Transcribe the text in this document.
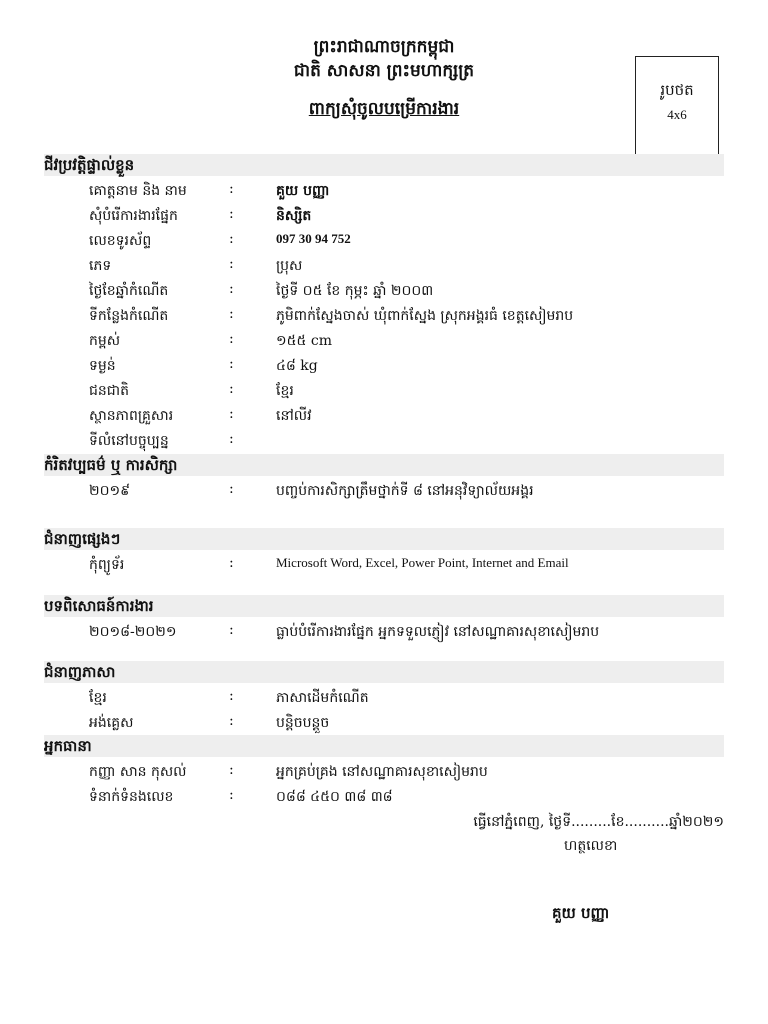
ព្រះរាជាណាចក្រកម្ពុជា
ជាតិ សាសនា ព្រះមហាក្សត្រ
ពាក្យសុំចូលបម្រើការងារ
រូបថត
4x6
ជីវប្រវត្តិផ្ទាល់ខ្លួន
គោត្តនាម និង នាម	:	គួយ បញ្ញា
សុំបំរើការងារផ្នែក	:	និស្សិត
លេខទូរស័ព្ទ	:	097 30 94 752
ភេទ	:	ប្រុស
ថ្ងៃខែឆ្នាំកំណើត	:	ថ្ងៃទី ០៥ ខែ កុម្ភះ ឆ្នាំ ២០០៣
ទីកន្លែងកំណើត	:	ភូមិពាក់ស្នែងចាស់ ឃុំពាក់ស្នែង ស្រុកអង្គរធំ ខេត្តសៀមរាប
កម្ពស់	:	១៥៥ cm
ទម្ងន់	:	៤៨ kg
ជនជាតិ	:	ខ្មែរ
ស្ថានភាពគ្រួសារ	:	នៅលីវ
ទីលំនៅបច្ចុប្បន្ន	:
កំរិតវប្បធម៌ ឬ ការសិក្សា
២០១៩	:	បញ្ចប់ការសិក្សាត្រឹមថ្នាក់ទី ៨ នៅអនុវិទ្យាល័យអង្គរ
ជំនាញផ្សេងៗ
កុំព្យូទ័រ	:	Microsoft Word, Excel, Power Point, Internet and Email
បទពិសោធន៍ការងារ
២០១៨-២០២១	:	ធ្លាប់បំរើការងារផ្នែក អ្នកទទួលភ្ញៀវ នៅសណ្ឋាគារសុខាសៀមរាប
ជំនាញភាសា
ខ្មែរ	:	ភាសាដើមកំណើត
អង់គ្លេស	:	បន្តិចបន្តួច
អ្នកធានា
កញ្ញា សាន កុសល់	:	អ្នកគ្រប់គ្រង នៅសណ្ឋាគារសុខាសៀមរាប
ទំនាក់ទំនងលេខ	:	០៨៨ ៤៥០ ៣៨ ៣៨
ធ្វើនៅភ្នំពេញ, ថ្ងៃទី.........ខែ..........ឆ្នាំ២០២១
ហត្ថលេខា
គួយ បញ្ញា
